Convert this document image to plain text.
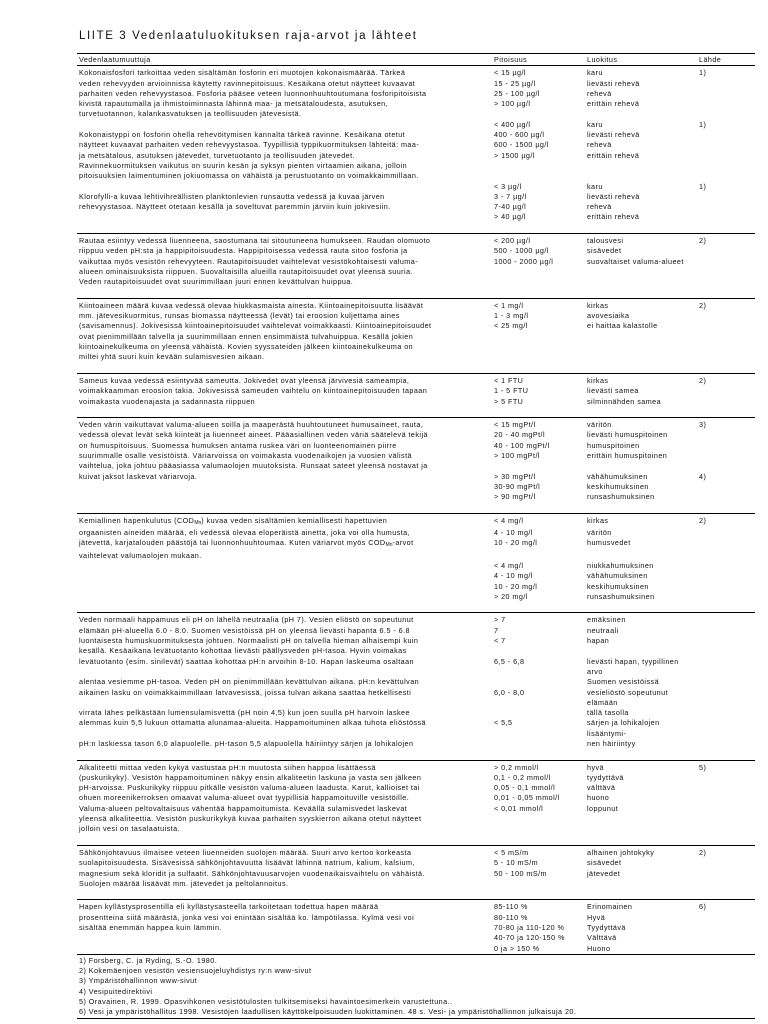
LIITE 3 Vedenlaatuluokituksen raja-arvot ja lähteet
Vedenlaatumuuttuja	Pitoisuus	Luokitus	Lähde
Kokonaisfosfori tarkoittaa veden sisältämän fosforin eri muotojen kokonaismäärää. Tärkeä	< 15 µg/l	karu	1)
veden rehevyyden arvioinnissa käytetty ravinnepitoisuus. Kesäikana otetut näytteet kuvaavat	15 - 25 µg/l	lievästi rehevä	
parhaiten veden rehevyystasoa. Fosforia pääsee veteen luonnonhuuhtoutumana fosforipitoisista	25 - 100 µg/l	rehevä	
kivistä rapautumalla ja ihmistoiminnasta lähinnä maa- ja metsätaloudesta, asutuksen,	> 100 µg/l	erittäin rehevä	
turvetuotannon, kalankasvatuksen ja teollisuuden jätevesistä.			
	< 400 µg/l	karu	1)
Kokonaistyppi on fosforin ohella rehevöitymisen kannalta tärkeä ravinne. Kesäikana otetut	400 - 600 µg/l	lievästi rehevä	
näytteet kuvaavat parhaiten veden rehevyystasoa. Tyypillisiä typpikuormituksen lähteitä: maa-	600 - 1500 µg/l	rehevä	
ja metsätalous, asutuksen jätevedet, turvetuotanto ja teollisuuden jätevedet.	> 1500 µg/l	erittäin rehevä	
Ravinnekuormituksen vaikutus on suurin kesän ja syksyn pienten virtaamien aikana, jolloin			
pitoisuuksien laimentuminen jokiuomassa on vähäistä ja perustuotanto on voimakkaimmillaan.			
	< 3 µg/l	karu	1)
Klorofylli-a kuvaa lehtivihreällisten planktonlevien runsautta vedessä ja kuvaa järven	3 - 7 µg/l	lievästi rehevä	
rehevyystasoa. Näytteet otetaan kesällä ja soveltuvat paremmin järviin kuin jokivesiin.	7-40 µg/l	rehevä	
	> 40 µg/l	erittäin rehevä	

Rautaa esiintyy vedessä liuenneena, saostumana tai sitoutuneena humukseen. Raudan olomuoto	< 200 µg/l	talousvesi	2)
riippuu veden pH:sta ja happipitoisuudesta. Happipitoisessa vedessä rauta sitoo fosforia ja	500 - 1000 µg/l	sisävedet	
vaikuttaa myös vesistön rehevyyteen. Rautapitoisuudet vaihtelevat vesistökohtaisesti valuma-	1000 - 2000 µg/l	suovaltaiset valuma-alueet	
alueen ominaisuuksista riippuen. Suovaltaisilla alueilla rautapitoisuudet ovat yleensä suuria.			
Veden rautapitoisuudet ovat suurimmillaan juuri ennen kevättulvan huippua.			

Kiintoaineen määrä kuvaa vedessä olevaa hiukkasmaista ainesta. Kiintoainepitoisuutta lisäävät	< 1 mg/l	kirkas	2)
mm. jätevesikuormitus, runsas biomassa näytteessä (levät) tai eroosion kuljettama aines	1 - 3 mg/l	avovesiaika	
(savisamennus). Jokivesissä kiintoainepitoisuudet vaihtelevat voimakkaasti. Kiintoainepitoisuudet	< 25 mg/l	ei haittaa kalastolle	
ovat pienimmillään talvella ja suurimmillaan ennen ensimmäistä tulvahuippua. Kesällä jokien			
kiintoainekulkeuma on yleensä vähäistä. Kovien syyssateiden jälkeen kiintoainekulkeuma on			
miltei yhtä suuri kuin kevään sulamisvesien aikaan.			

Sameus kuvaa vedessä esiintyvää sameutta. Jokivedet ovat yleensä järvivesiä sameampia,	< 1 FTU	kirkas	2)
voimakkaamman eroosion takia. Jokivesissä sameuden vaihtelu on kiintoainepitoisuuden tapaan	1 - 5 FTU	lievästi samea	
voimakasta vuodenajasta ja sadannasta riippuen	> 5 FTU	silminnähden samea	

Veden värin vaikuttavat valuma-alueen soilla ja maaperästä huuhtoutuneet humusaineet, rauta,	< 15 mgPt/l	väritön	3)
vedessä olevat levät sekä kiinteät ja liuenneet aineet. Pääasiallinen veden väriä säätelevä tekijä	20 - 40 mgPt/l	lievästi humuspitoinen	
on humuspitoisuus. Suomessa humuksen antama ruskea väri on luonteenomainen piirre	40 - 100 mgPt/l	humuspitoinen	
suurimmalle osalle vesistöistä. Väriarvoissa on voimakasta vuodenaikojen ja vuosien välistä	> 100 mgPt/l	erittäin humuspitoinen	
vaihtelua, joka johtuu pääasiassa valumaolojen muutoksista. Runsaat sateet yleensä nostavat ja			
kuivat jaksot laskevat väriarvoja.	> 30 mgPt/l	vähähumuksinen	4)
	30-90 mgPt/l	keskihumuksinen	
	> 90 mgPt/l	runsashumuksinen	

Kemiallinen hapenkulutus (CODMn) kuvaa veden sisältämien kemiallisesti hapettuvien	< 4 mg/l	kirkas	2)
orgaanisten aineiden määrää, eli vedessä olevaa eloperäistä ainetta, joka voi olla humusta,	4 - 10 mg/l	väritön	
jätevettä, karjatalouden päästöjä tai luonnonhuuhtoumaa. Kuten väriarvot myös CODMn-arvot	10 - 20 mg/l	humusvedet	
vaihtelevat valumaolojen mukaan.			
	< 4 mg/l	niukkahumuksinen	
	4 - 10 mg/l	vähähumuksinen	
	10 - 20 mg/l	keskihumuksinen	
	> 20 mg/l	runsashumuksinen	

Veden normaali happamuus eli pH on lähellä neutraalia (pH 7). Vesien eliöstö on sopeutunut	> 7	emäksinen	
elämään pH-alueella 6.0 - 8.0. Suomen vesistöissä pH on yleensä lievästi hapanta 6.5 - 6.8	7	neutraali	
luontaisesta humuskuormituksesta johtuen. Normaalisti pH on talvella hieman alhaisempi kuin	< 7	hapan	
kesällä. Kesäaikana levätuotanto kohottaa lievästi päällysveden pH-tasoa. Hyvin voimakas			
levätuotanto (esim. sinilevät) saattaa kohottaa pH:n arvoihin 8-10. Hapan laskeuma osaltaan	6,5 - 6,8	lievästi hapan, tyypillinen arvo	
alentaa vesiemme pH-tasoa. Veden pH on pienimmillään kevättulvan aikana. pH:n kevättulvan		Suomen vesistöissä	
aikainen lasku on voimakkaimmillaan latvavesissä, joissa tulvan aikana saattaa hetkellisesti	6,0 - 8,0	vesieliöstö sopeutunut elämään	
virrata lähes pelkästään lumensulamisvettä (pH noin 4,5) kun joen suulla pH harvoin laskee		tällä tasolla	
alemmas kuin 5,5 lukuun ottamatta alunamaa-alueita. Happamoituminen alkaa tuhota eliöstössä	< 5,5	särjen ja lohikalojen lisääntymi-	
pH:n laskiessa tason 6,0 alapuolelle. pH-tason 5,5 alapuolella häiriintyy särjen ja lohikalojen		nen häiriintyy	

Alkaliteetti mittaa veden kykyä vastustaa pH:n muutosta siihen happoa lisättäessä	> 0,2 mmol/l	hyvä	5)
(puskurikyky). Vesistön happamoituminen näkyy ensin alkaliteetin laskuna ja vasta sen jälkeen	0,1 - 0,2 mmol/l	tyydyttävä	
pH-arvoissa. Puskurikyky riippuu pitkälle vesistön valuma-alueen laadusta. Karut, kallioiset tai	0,05 - 0,1 mmol/l	välttävä	
ohuen moreenikerroksen omaavat valuma-alueet ovat tyypillisiä happamoituville vesistöille.	0,01 - 0,05 mmol/l	huono	
Valuma-alueen peltovaltaisuus vähentää happamoitumista. Keväällä sulamisvedet laskevat	< 0,01 mmol/l	loppunut	
yleensä alkaliteettia. Vesistön puskurikykyä kuvaa parhaiten syyskierron aikana otetut näytteet			
jolloin vesi on tasalaatuista.			

Sähkönjohtavuus ilmaisee veteen liuenneiden suolojen määrää. Suuri arvo kertoo korkeasta	< 5 mS/m	alhainen johtokyky	2)
suolapitoisuudesta. Sisävesissä sähkönjohtavuutta lisäävät lähinnä natrium, kalium, kalsium,	5 - 10 mS/m	sisävedet	
magnesium sekä kloridit ja sulfaatit. Sähkönjohtavuusarvojen vuodenaikaisvaihtelu on vähäistä.	50 - 100 mS/m	jätevedet	
Suolojen määrää lisäävät mm. jätevedet ja peltolannoitus.			

Hapen kyllästysprosentilla eli kyllästysasteella tarkoitetaan todettua hapen määrää	85-110 %	Erinomainen	6)
prosentteina siitä määrästä, jonka vesi voi enintään sisältää ko. lämpötilassa. Kylmä vesi voi	80-110 %	Hyvä	
sisältää enemmän happea kuin lämmin.	70-80 ja 110-120 %	Tyydyttävä	
	40-70 ja 120-150 %	Välttävä	
	0 ja > 150 %	Huono	
1) Forsberg, C. ja Ryding, S.-O. 1980.
2) Kokemäenjoen vesistön vesiensuojeluyhdistys ry:n www-sivut
3) Ympäristöhallinnon www-sivut
4) Vesipuitedirektiivi
5) Oravainen, R. 1999. Opasvihkonen vesistötulosten tulkitsemiseksi havaintoesimerkein varustettuna..
6) Vesi ja ympäristöhallitus 1998. Vesistöjen laadullisen käyttökelpoisuuden luokittaminen. 48 s. Vesi- ja ympäristöhallinnon julkaisuja 20.
